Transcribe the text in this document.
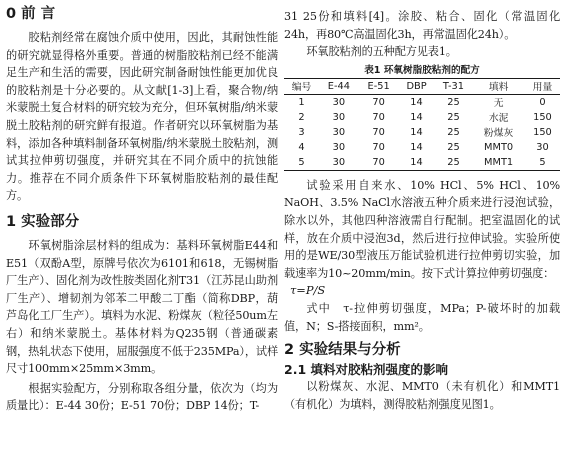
0 前 言

胶粘剂经常在腐蚀介质中使用，因此，其耐蚀性能的研究就显得格外重要。普通的树脂胶粘剂已经不能满足生产和生活的需要，因此研究制备耐蚀性能更加优良的胶粘剂是十分必要的。从文献[1-3]上看，聚合物/纳米蒙脱土复合材料的研究较为充分，但环氧树脂/纳米蒙脱土胶粘剂的研究鲜有报道。作者研究以环氧树脂为基料，添加各种填料制备环氧树脂/纳米蒙脱土胶粘剂，测试其拉伸剪切强度，并研究其在不同介质中的抗蚀能力。推荐在不同介质条件下环氧树脂胶粘剂的最佳配方。

1 实验部分

环氧树脂涂层材料的组成为：基料环氧树脂E44和E51（双酚A型，原牌号依次为6101和618，无锡树脂厂生产）、固化剂为改性胺类固化剂T31（江苏昆山助剂厂生产）、增韧剂为邻苯二甲酸二丁酯（简称DBP，葫芦岛化工厂生产）。填料为水泥、粉煤灰（粒径50um左右）和纳米蒙脱土。基体材料为Q235钢（普通碳素钢，热轧状态下使用，屈服强度不低于235MPa），试样尺寸100mm×25mm×3mm。

根据实验配方，分别称取各组分量，依次为（均为质量比）：E-44 30份；E-51 70份；DBP 14份；T-

31 25份和填料[4]。涂胶、粘合、固化（常温固化24h，再80℃高温固化3h，再常温固化24h）。

环氧胶粘剂的五种配方见表1。

表1 环氧树脂胶粘剂的配方

编号	E-44	E-51	DBP	T-31	填料	用量
1	30	70	14	25	无	0
2	30	70	14	25	水泥	150
3	30	70	14	25	粉煤灰	150
4	30	70	14	25	MMT0	30
5	30	70	14	25	MMT1	5

试验采用自来水、10% HCl、5% HCl、10% NaOH、3.5% NaCl水溶液五种介质来进行浸泡试验，除水以外，其他四种溶液需自行配制。把室温固化的试样，放在介质中浸泡3d，然后进行拉伸试验。实验所使用的是WE/30型液压万能试验机进行拉伸剪切实验，加载速率为10~20mm/min。按下式计算拉伸剪切强度：

τ=P/S

式中　τ-拉伸剪切强度，MPa；P-破坏时的加载值，N；S-搭接面积，mm²。

2 实验结果与分析
2.1 填料对胶粘剂强度的影响

以粉煤灰、水泥、MMT0（未有机化）和MMT1（有机化）为填料，测得胶粘剂强度见图1。
